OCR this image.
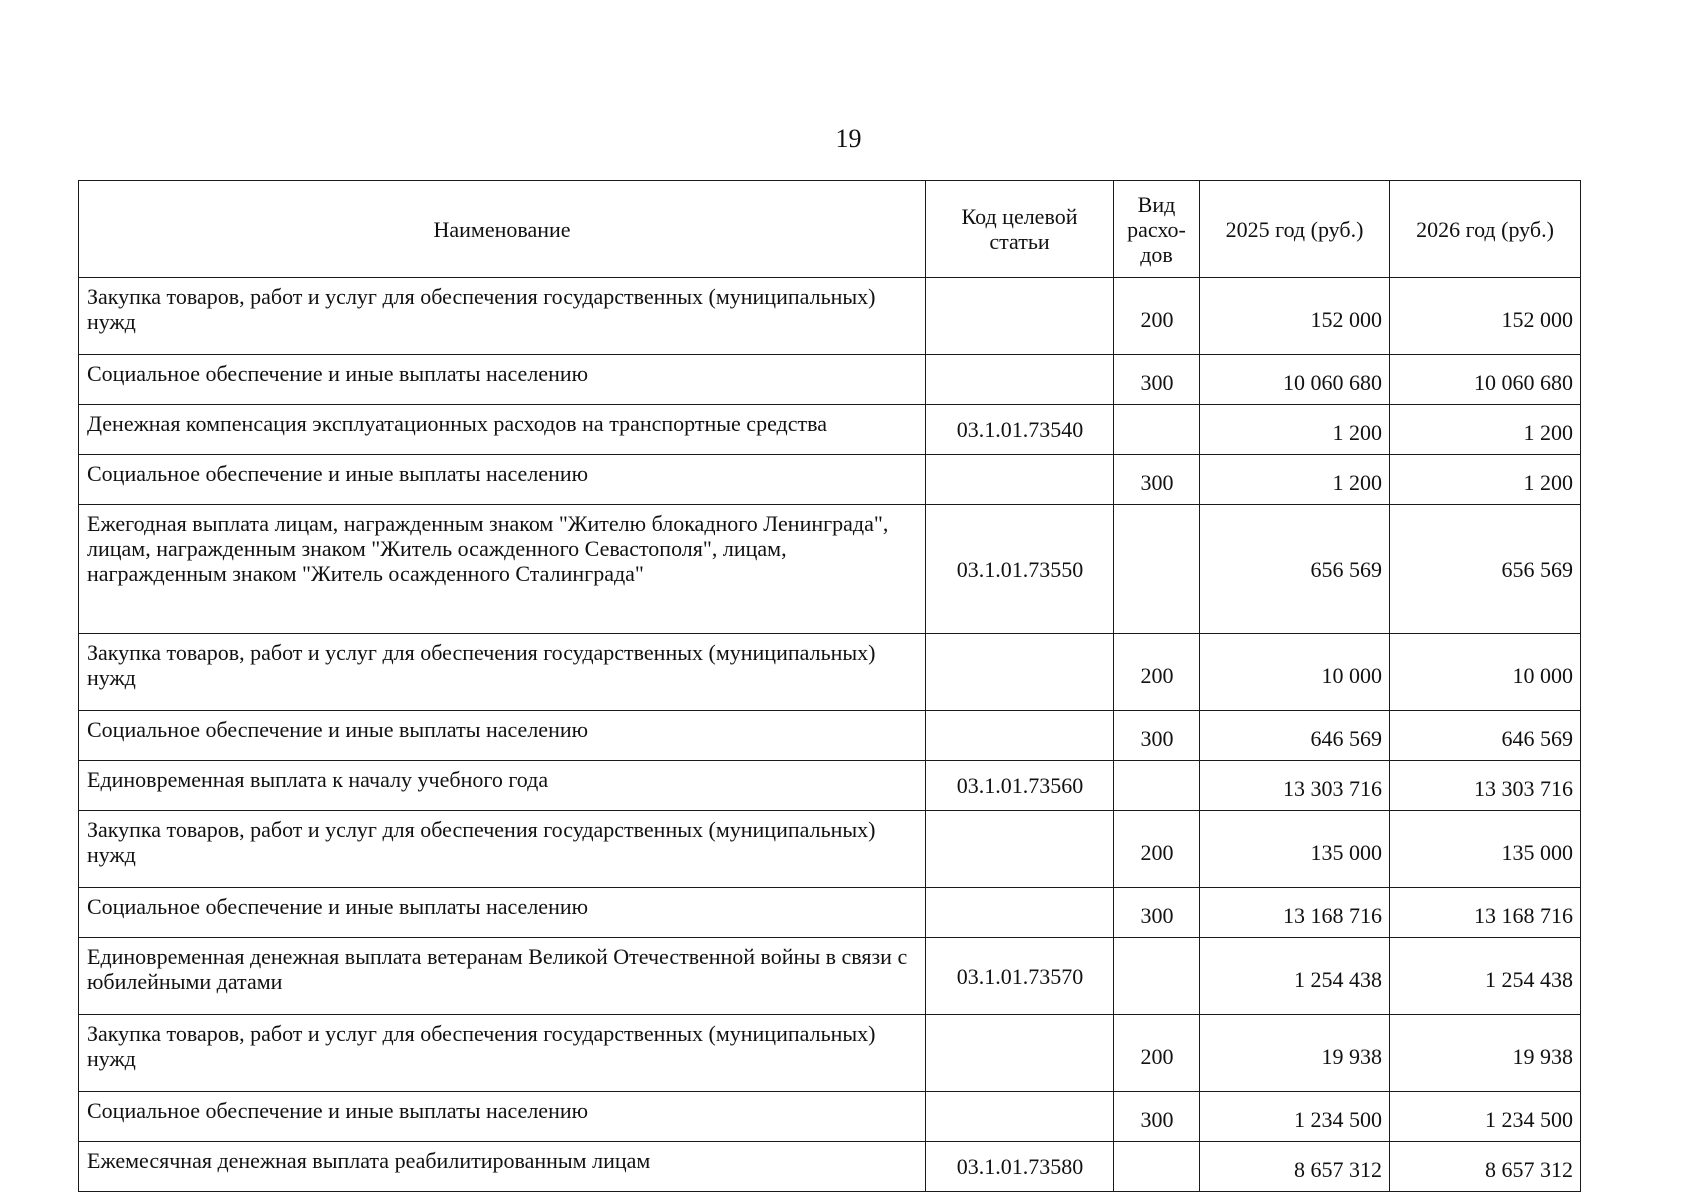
19
Наименование	Код целевой статьи	Вид расхо-дов	2025 год (руб.)	2026 год (руб.)
Закупка товаров, работ и услуг для обеспечения государственных (муниципальных) нужд		200	152 000	152 000
Социальное обеспечение и иные выплаты населению		300	10 060 680	10 060 680
Денежная компенсация эксплуатационных расходов на транспортные средства	03.1.01.73540		1 200	1 200
Социальное обеспечение и иные выплаты населению		300	1 200	1 200
Ежегодная выплата лицам, награжденным знаком "Жителю блокадного Ленинграда", лицам, награжденным знаком "Житель осажденного Севастополя", лицам, награжденным знаком "Житель осажденного Сталинграда"	03.1.01.73550		656 569	656 569
Закупка товаров, работ и услуг для обеспечения государственных (муниципальных) нужд		200	10 000	10 000
Социальное обеспечение и иные выплаты населению		300	646 569	646 569
Единовременная выплата к началу учебного года	03.1.01.73560		13 303 716	13 303 716
Закупка товаров, работ и услуг для обеспечения государственных (муниципальных) нужд		200	135 000	135 000
Социальное обеспечение и иные выплаты населению		300	13 168 716	13 168 716
Единовременная денежная выплата ветеранам Великой Отечественной войны в связи с юбилейными датами	03.1.01.73570		1 254 438	1 254 438
Закупка товаров, работ и услуг для обеспечения государственных (муниципальных) нужд		200	19 938	19 938
Социальное обеспечение и иные выплаты населению		300	1 234 500	1 234 500
Ежемесячная денежная выплата реабилитированным лицам	03.1.01.73580		8 657 312	8 657 312
